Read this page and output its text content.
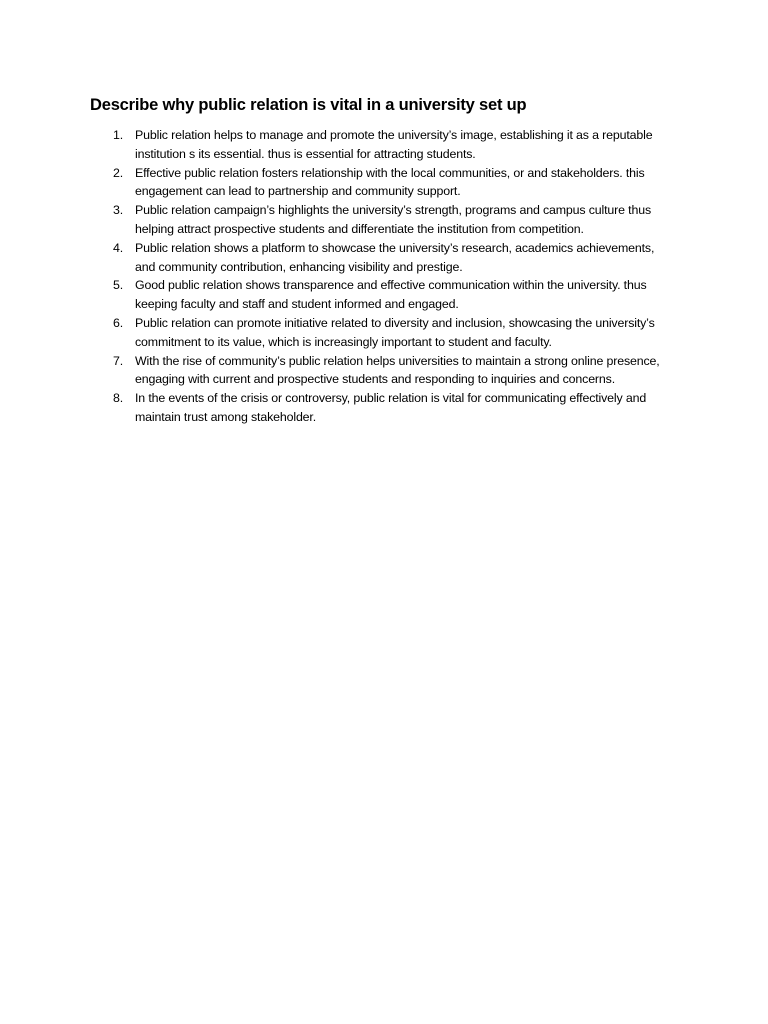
Describe why public relation is vital in a university set up
1. Public relation helps to manage and promote the university’s image, establishing it as a reputable institution s its essential. thus is essential for attracting students.
2. Effective public relation fosters relationship with the local communities, or and stakeholders. this engagement can lead to partnership and community support.
3. Public relation campaign’s highlights the university’s strength, programs and campus culture thus helping attract prospective students and differentiate the institution from competition.
4. Public relation shows a platform to showcase the university’s research, academics achievements, and community contribution, enhancing visibility and prestige.
5. Good public relation shows transparence and effective communication within the university. thus keeping faculty and staff and student informed and engaged.
6. Public relation can promote initiative related to diversity and inclusion, showcasing the university’s commitment to its value, which is increasingly important to student and faculty.
7. With the rise of community’s public relation helps universities to maintain a strong online presence, engaging with current and prospective students and responding to inquiries and concerns.
8. In the events of the crisis or controversy, public relation is vital for communicating effectively and maintain trust among stakeholder.
